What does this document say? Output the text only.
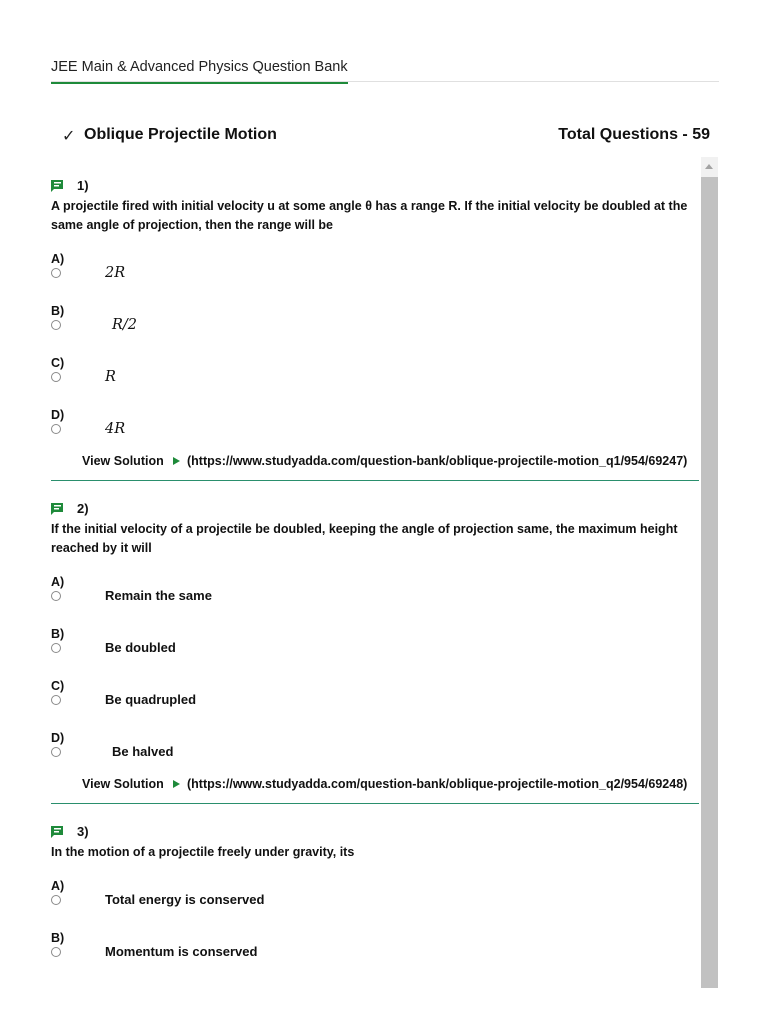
JEE Main & Advanced Physics Question Bank
✓ Oblique Projectile Motion	Total Questions - 59
1)
A projectile fired with initial velocity u at some angle θ has a range R. If the initial velocity be doubled at the same angle of projection, then the range will be
A)
2R
B)
R/2
C)
R
D)
4R
View Solution (https://www.studyadda.com/question-bank/oblique-projectile-motion_q1/954/69247)
2)
If the initial velocity of a projectile be doubled, keeping the angle of projection same, the maximum height reached by it will
A)
Remain the same
B)
Be doubled
C)
Be quadrupled
D)
Be halved
View Solution (https://www.studyadda.com/question-bank/oblique-projectile-motion_q2/954/69248)
3)
In the motion of a projectile freely under gravity, its
A)
Total energy is conserved
B)
Momentum is conserved
